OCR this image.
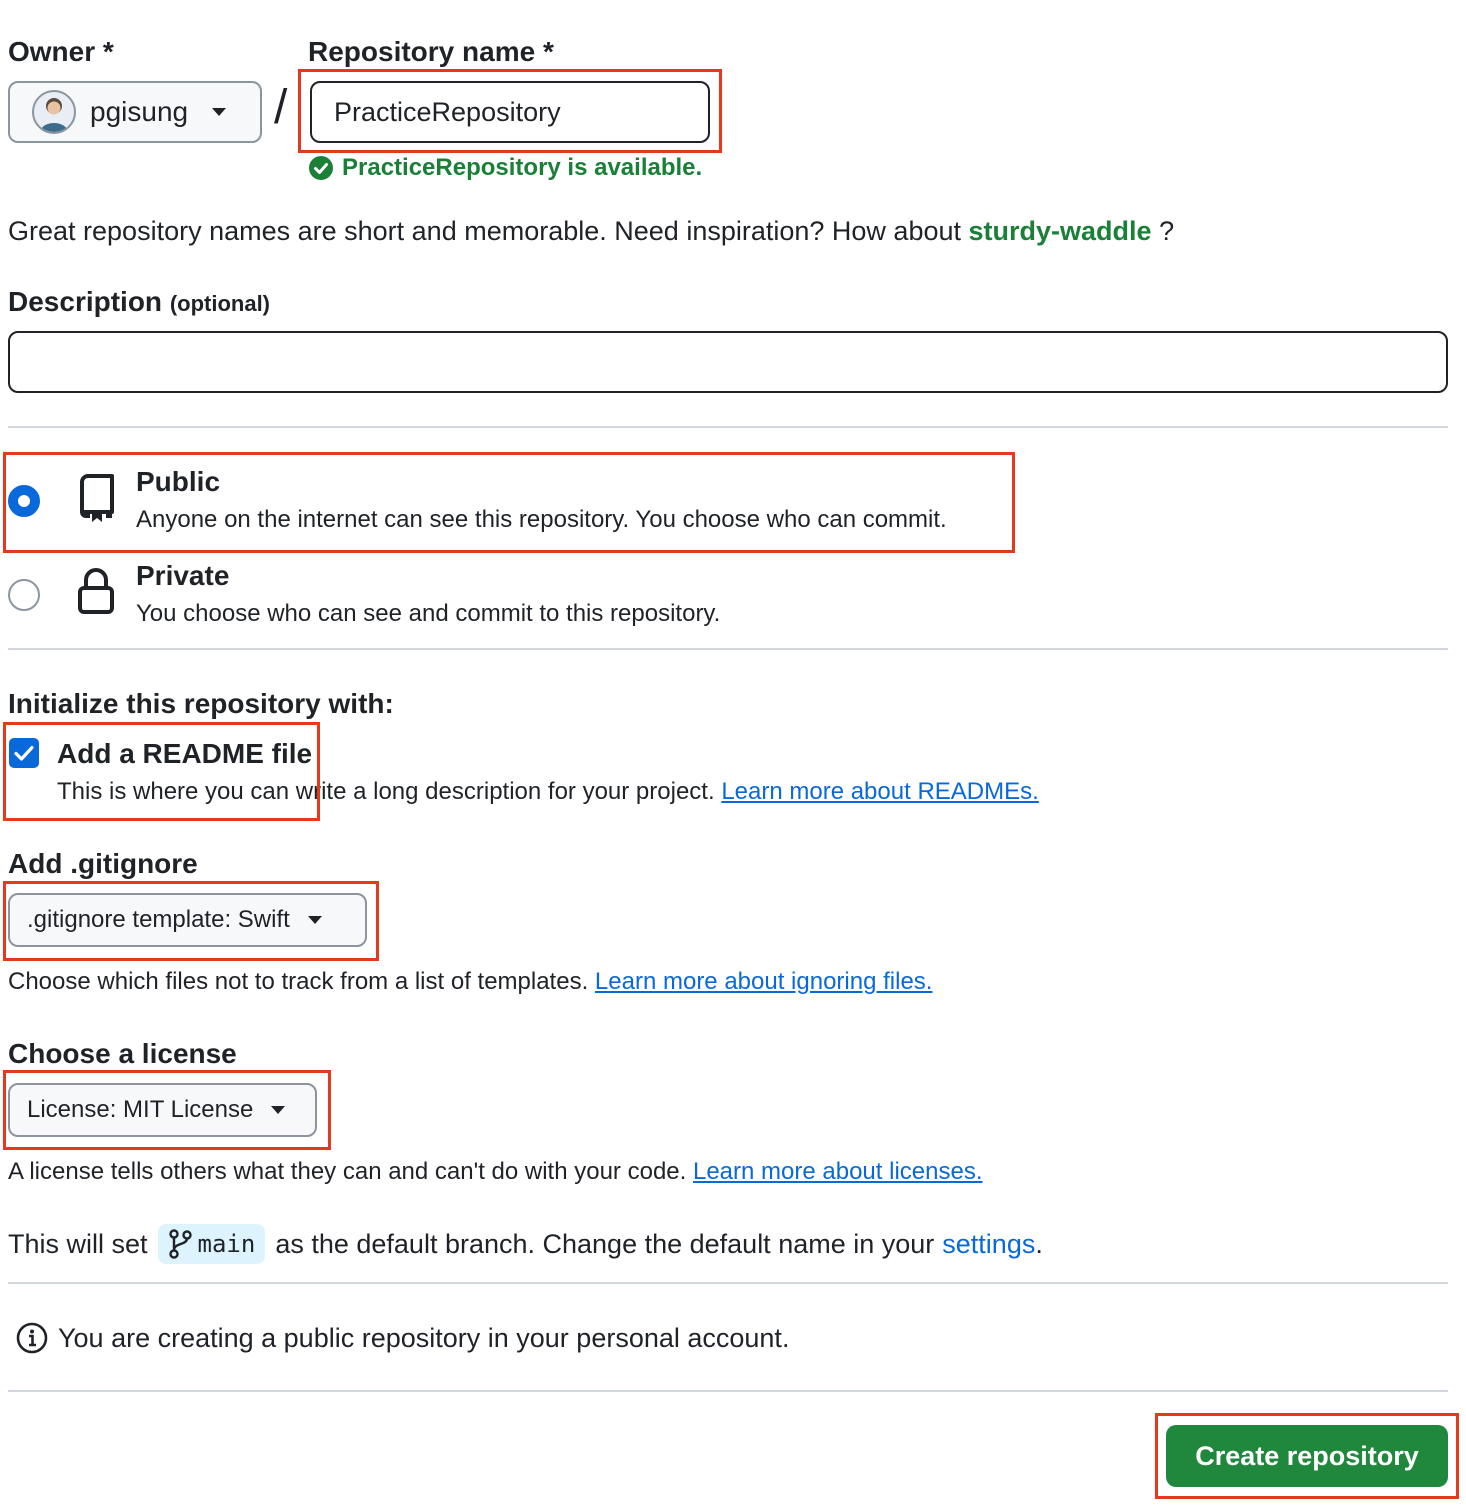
Owner *
pgisung /
Repository name *
PracticeRepository
PracticeRepository is available.
Great repository names are short and memorable. Need inspiration? How about sturdy-waddle ?
Description (optional)
Public
Anyone on the internet can see this repository. You choose who can commit.
Private
You choose who can see and commit to this repository.
Initialize this repository with:
Add a README file
This is where you can write a long description for your project. Learn more about READMEs.
Add .gitignore
.gitignore template: Swift
Choose which files not to track from a list of templates. Learn more about ignoring files.
Choose a license
License: MIT License
A license tells others what they can and can't do with your code. Learn more about licenses.
This will set main as the default branch. Change the default name in your settings .
You are creating a public repository in your personal account.
Create repository
